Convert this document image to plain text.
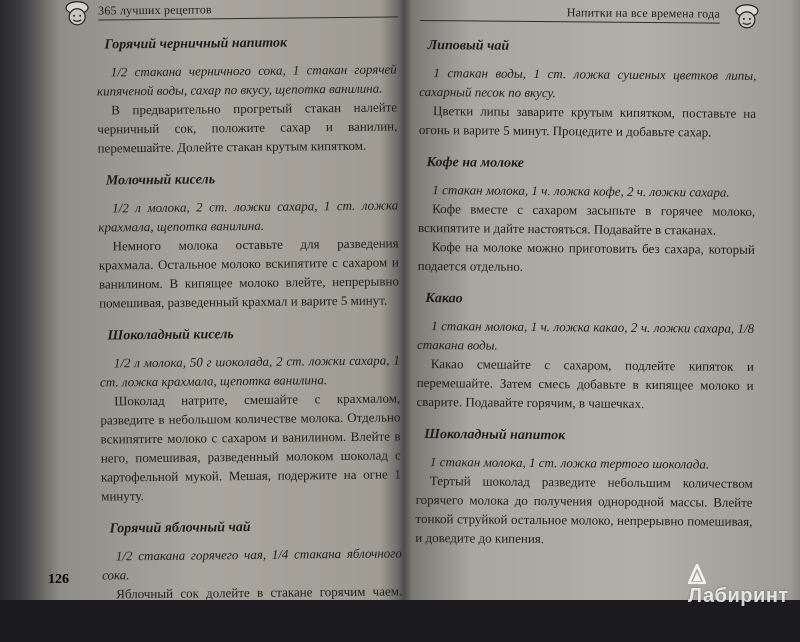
365 лучших рецептов
Горячий черничный напиток

1/2 стакана черничного сока, 1 стакан горячей кипяченой воды, сахар по вкусу, щепотка ванилина.

В предварительно прогретый стакан налейте черничный сок, положите сахар и ванилин, перемешайте. Долейте стакан крутым кипятком.

Молочный кисель

1/2 л молока, 2 ст. ложки сахара, 1 ст. ложка крахмала, щепотка ванилина.

Немного молока оставьте для разведения крахмала. Остальное молоко вскипятите с сахаром и ванилином. В кипящее молоко влейте, непрерывно помешивая, разведенный крахмал и варите 5 минут.

Шоколадный кисель

1/2 л молока, 50 г шоколада, 2 ст. ложки сахара, 1 ст. ложка крахмала, щепотка ванилина.

Шоколад натрите, смешайте с крахмалом, разведите в небольшом количестве молока. Отдельно вскипятите молоко с сахаром и ванилином. Влейте в него, помешивая, разведенный молоком шоколад с картофельной мукой. Мешая, подержите на огне 1 минуту.

Горячий яблочный чай

1/2 стакана горячего чая, 1/4 стакана яблочного сока.

Яблочный сок долейте в стакане горячим чаем. Замените яблочный сок ананасовым, абрикосовым, апельсиновым — и получите чай другого вкуса.

126
Напитки на все времена года
Липовый чай

1 стакан воды, 1 ст. ложка сушеных цветков липы, сахарный песок по вкусу.

Цветки липы заварите крутым кипятком, поставьте на огонь и варите 5 минут. Процедите и добавьте сахар.

Кофе на молоке

1 стакан молока, 1 ч. ложка кофе, 2 ч. ложки сахара.

Кофе вместе с сахаром засыпьте в горячее молоко, вскипятите и дайте настояться. Подавайте в стаканах.

Кофе на молоке можно приготовить без сахара, который подается отдельно.

Какао

1 стакан молока, 1 ч. ложка какао, 2 ч. ложки сахара, 1/8 стакана воды.

Какао смешайте с сахаром, подлейте кипяток и перемешайте. Затем смесь добавьте в кипящее молоко и сварите. Подавайте горячим, в чашечках.

Шоколадный напиток

1 стакан молока, 1 ст. ложка тертого шоколада.

Тертый шоколад разведите небольшим количеством горячего молока до получения однородной массы. Влейте тонкой струйкой остальное молоко, непрерывно помешивая, и доведите до кипения.

Лабиринт
